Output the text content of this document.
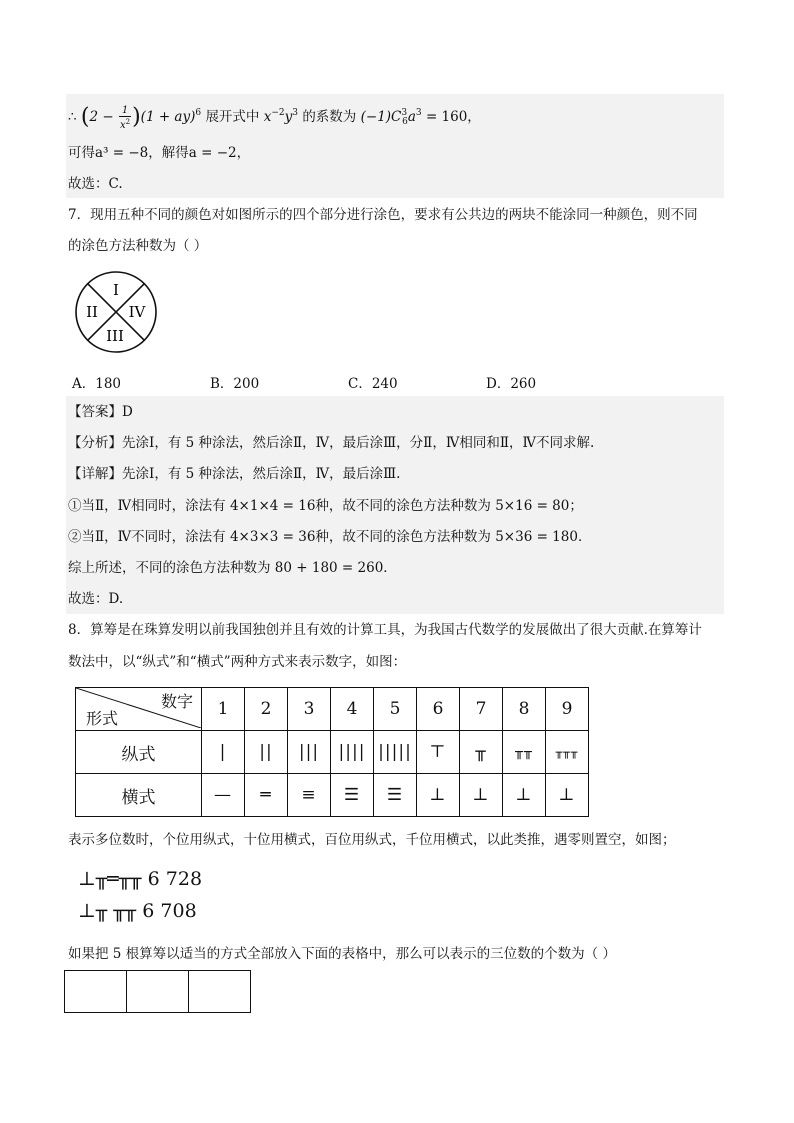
∴ $(2 - \frac{1}{x^2} )(1 + ay)^6$ 展开式中 $x^{-2}y^3$ 的系数为 $(-1)C^3_6a^3 = 160$，
可得a³ = −8，解得a = −2，
故选：C.
7．现用五种不同的颜色对如图所示的四个部分进行涂色，要求有公共边的两块不能涂同一种颜色，则不同
的涂色方法种数为（ ）
I
II IV
III
A．180	B．200	C．240	D．260
【答案】D
【分析】先涂Ⅰ，有 5 种涂法，然后涂Ⅱ，Ⅳ，最后涂Ⅲ，分Ⅱ，Ⅳ相同和Ⅱ，Ⅳ不同求解.
【详解】先涂Ⅰ，有 5 种涂法，然后涂Ⅱ，Ⅳ，最后涂Ⅲ.
①当Ⅱ，Ⅳ相同时，涂法有 4×1×4 = 16种，故不同的涂色方法种数为 5×16 = 80；
②当Ⅱ，Ⅳ不同时，涂法有 4×3×3 = 36种，故不同的涂色方法种数为 5×36 = 180．
综上所述，不同的涂色方法种数为 80 + 180 = 260．
故选：D.
8．算筹是在珠算发明以前我国独创并且有效的计算工具，为我国古代数学的发展做出了很大贡献.在算筹计
数法中，以“纵式”和“横式”两种方式来表示数字，如图：
数字
形式	1	2	3	4	5	6	7	8	9
纵式	|	||	|||	||||	|||||	⊤	╥	╥╥	╥╥╥
横式	—	═	≡	☰	☰	⊥	⊥	⊥	⊥
表示多位数时，个位用纵式，十位用横式，百位用纵式，千位用横式，以此类推，遇零则置空，如图；
⊥╥═╥╥ 6 728
⊥╥ ╥╥ 6 708
如果把 5 根算筹以适当的方式全部放入下面的表格中，那么可以表示的三位数的个数为（ ）
